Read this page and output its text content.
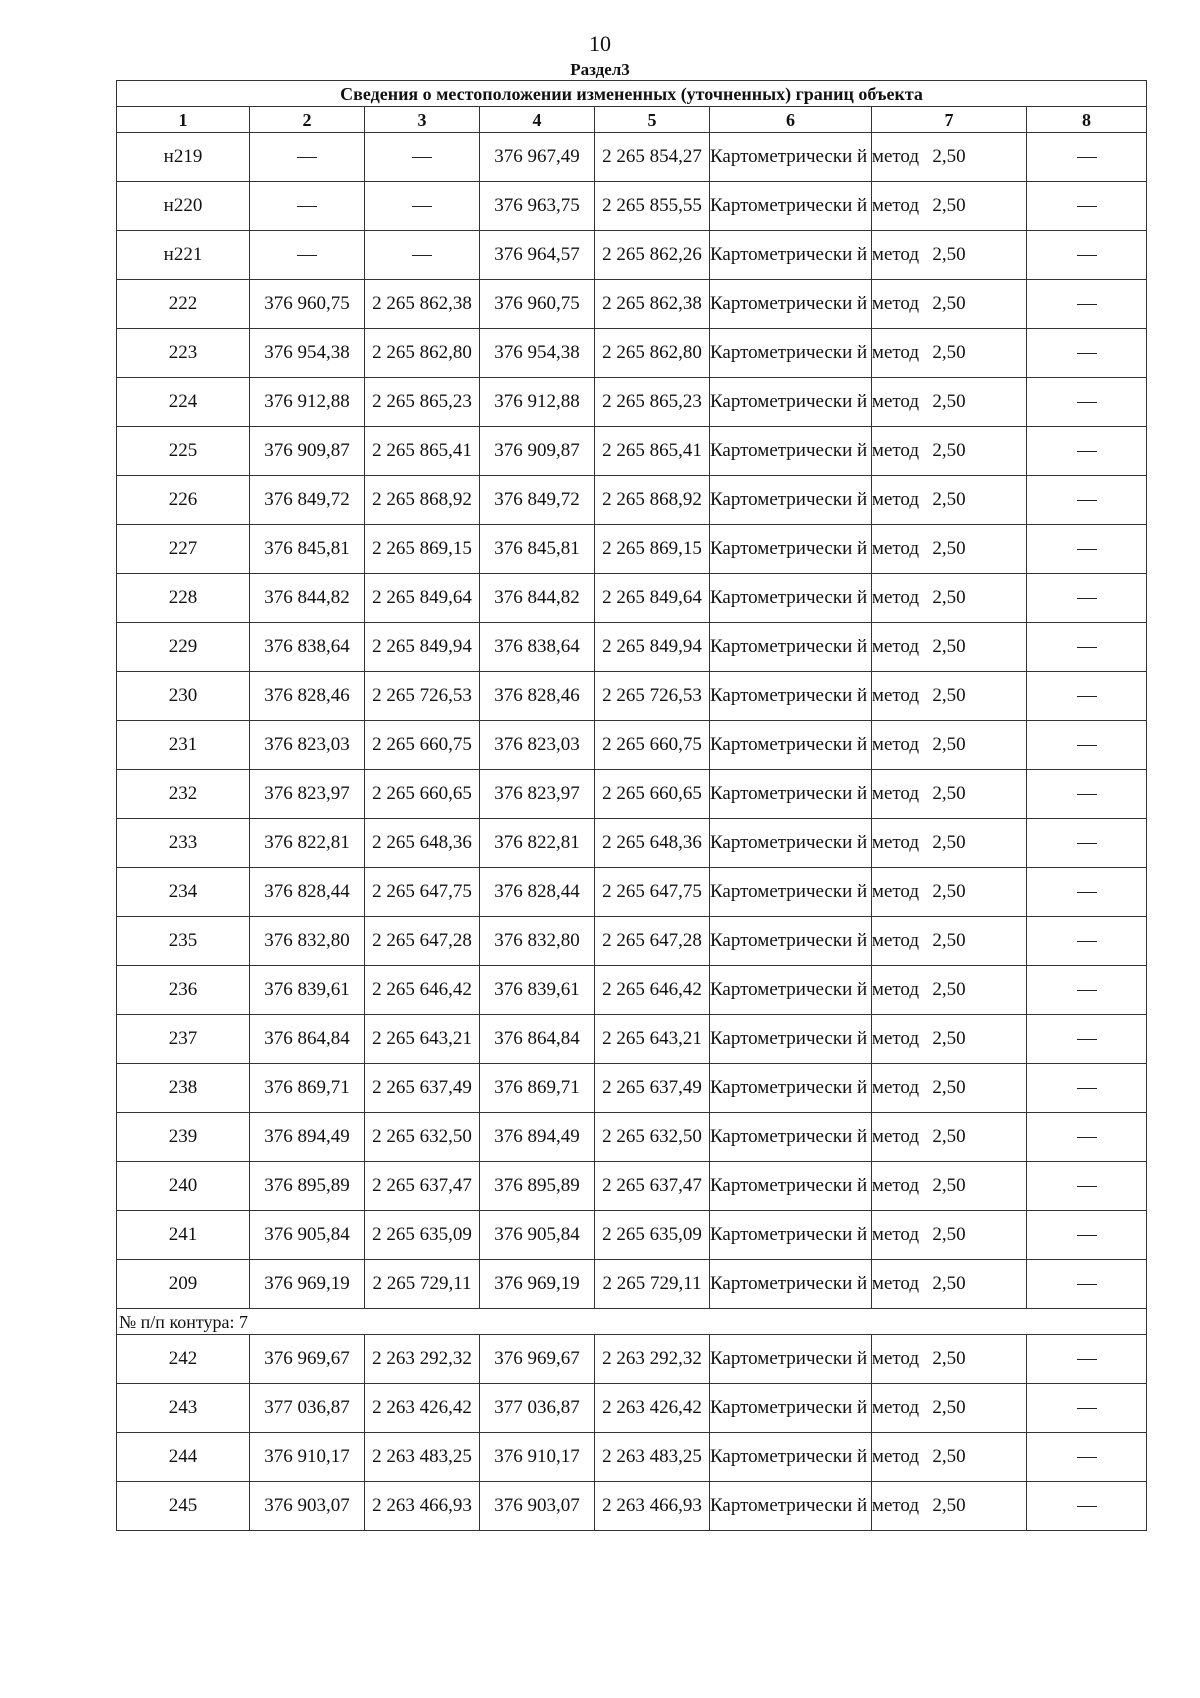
10
Раздел3
Сведения о местоположении измененных (уточненных) границ объекта							
1	2	3	4	5	6	7	8
н219			376 967,49	2 265 854,27	Картометрически й метод	2,50	
н220			376 963,75	2 265 855,55	Картометрически й метод	2,50	
н221			376 964,57	2 265 862,26	Картометрически й метод	2,50	
222	376 960,75	2 265 862,38	376 960,75	2 265 862,38	Картометрически й метод	2,50	
223	376 954,38	2 265 862,80	376 954,38	2 265 862,80	Картометрически й метод	2,50	
224	376 912,88	2 265 865,23	376 912,88	2 265 865,23	Картометрически й метод	2,50	
225	376 909,87	2 265 865,41	376 909,87	2 265 865,41	Картометрически й метод	2,50	
226	376 849,72	2 265 868,92	376 849,72	2 265 868,92	Картометрически й метод	2,50	
227	376 845,81	2 265 869,15	376 845,81	2 265 869,15	Картометрически й метод	2,50	
228	376 844,82	2 265 849,64	376 844,82	2 265 849,64	Картометрически й метод	2,50	
229	376 838,64	2 265 849,94	376 838,64	2 265 849,94	Картометрически й метод	2,50	
230	376 828,46	2 265 726,53	376 828,46	2 265 726,53	Картометрически й метод	2,50	
231	376 823,03	2 265 660,75	376 823,03	2 265 660,75	Картометрически й метод	2,50	
232	376 823,97	2 265 660,65	376 823,97	2 265 660,65	Картометрически й метод	2,50	
233	376 822,81	2 265 648,36	376 822,81	2 265 648,36	Картометрически й метод	2,50	
234	376 828,44	2 265 647,75	376 828,44	2 265 647,75	Картометрически й метод	2,50	
235	376 832,80	2 265 647,28	376 832,80	2 265 647,28	Картометрически й метод	2,50	
236	376 839,61	2 265 646,42	376 839,61	2 265 646,42	Картометрически й метод	2,50	
237	376 864,84	2 265 643,21	376 864,84	2 265 643,21	Картометрически й метод	2,50	
238	376 869,71	2 265 637,49	376 869,71	2 265 637,49	Картометрически й метод	2,50	
239	376 894,49	2 265 632,50	376 894,49	2 265 632,50	Картометрически й метод	2,50	
240	376 895,89	2 265 637,47	376 895,89	2 265 637,47	Картометрически й метод	2,50	
241	376 905,84	2 265 635,09	376 905,84	2 265 635,09	Картометрически й метод	2,50	
209	376 969,19	2 265 729,11	376 969,19	2 265 729,11	Картометрически й метод	2,50	
№ п/п контура: 7							
242	376 969,67	2 263 292,32	376 969,67	2 263 292,32	Картометрически й метод	2,50	
243	377 036,87	2 263 426,42	377 036,87	2 263 426,42	Картометрически й метод	2,50	
244	376 910,17	2 263 483,25	376 910,17	2 263 483,25	Картометрически й метод	2,50	
245	376 903,07	2 263 466,93	376 903,07	2 263 466,93	Картометрически й метод	2,50	
